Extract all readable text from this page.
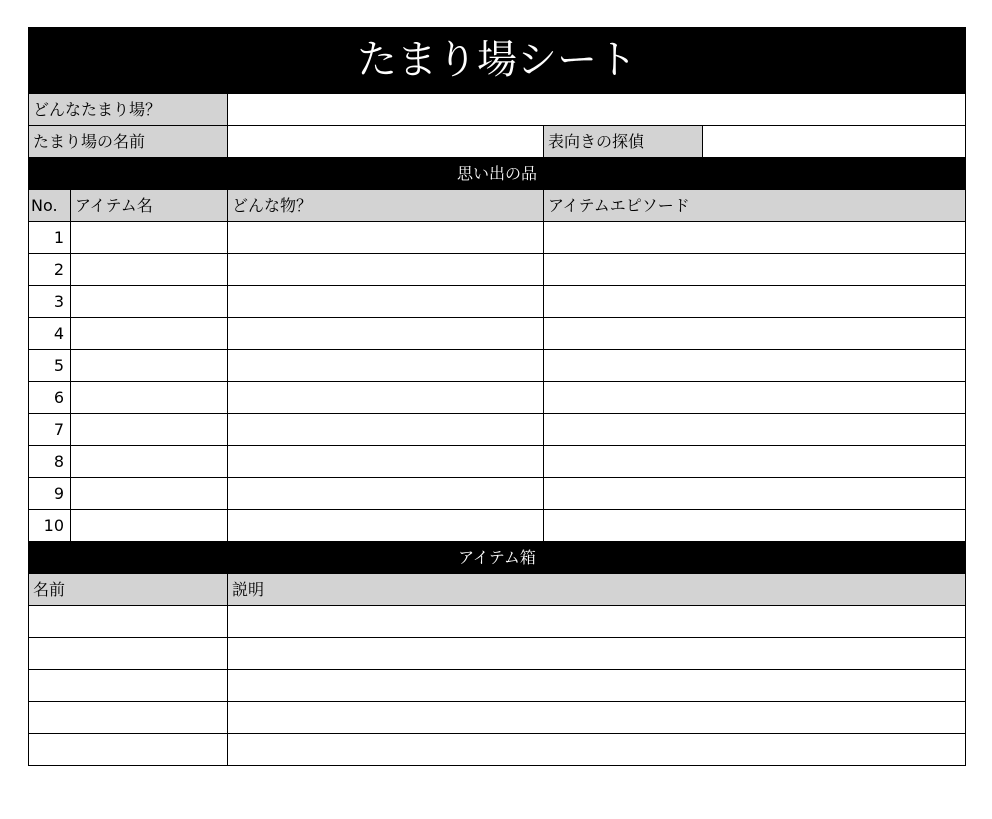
たまり場シート				
どんなたまり場？				
たまり場の名前			表向きの探偵	
思い出の品				
No.	アイテム名	どんな物？	アイテムエピソード	
1				
2				
3				
4				
5				
6				
7				
8				
9				
10				
アイテム箱				
名前		説明		
